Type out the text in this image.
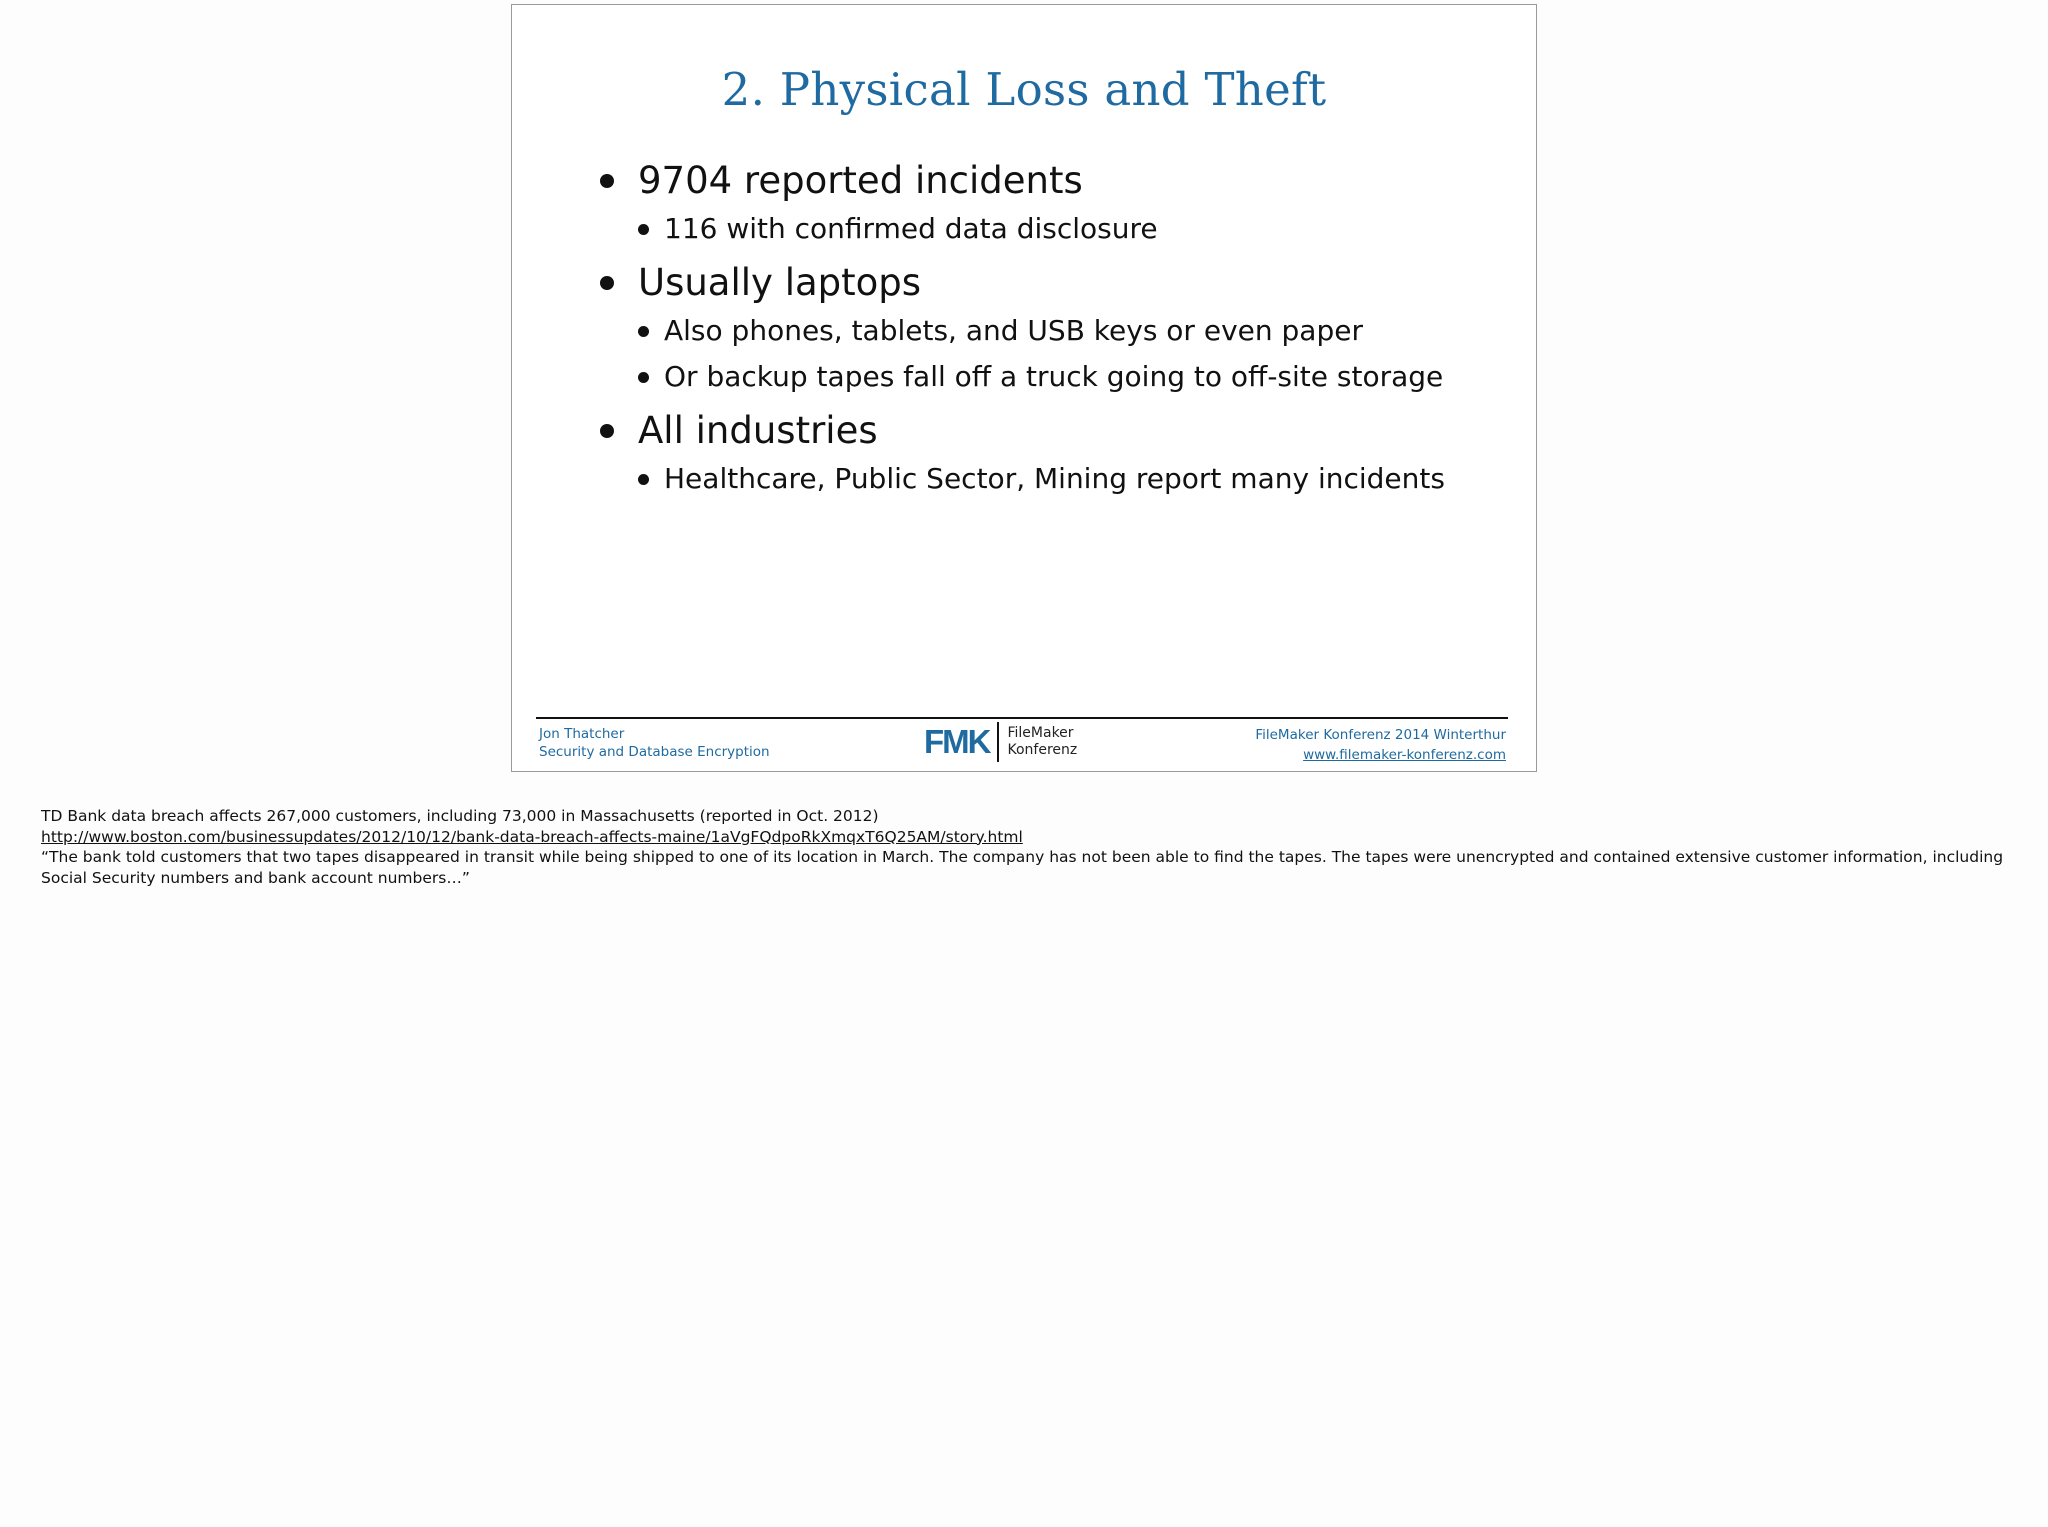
2. Physical Loss and Theft
9704 reported incidents
116 with confirmed data disclosure
Usually laptops
Also phones, tablets, and USB keys or even paper
Or backup tapes fall off a truck going to off-site storage
All industries
Healthcare, Public Sector, Mining report many incidents
Jon Thatcher
Security and Database Encryption	FMK FileMaker
Konferenz
FileMaker Konferenz 2014 Winterthur
www.filemaker-konferenz.com
TD Bank data breach affects 267,000 customers, including 73,000 in Massachusetts (reported in Oct. 2012)
http://www.boston.com/businessupdates/2012/10/12/bank-data-breach-affects-maine/1aVgFQdpoRkXmqxT6Q25AM/story.html
“The bank told customers that two tapes disappeared in transit while being shipped to one of its location in March. The company has not been able to find the tapes. The tapes were unencrypted and contained extensive customer information, including Social Security numbers and bank account numbers…”
